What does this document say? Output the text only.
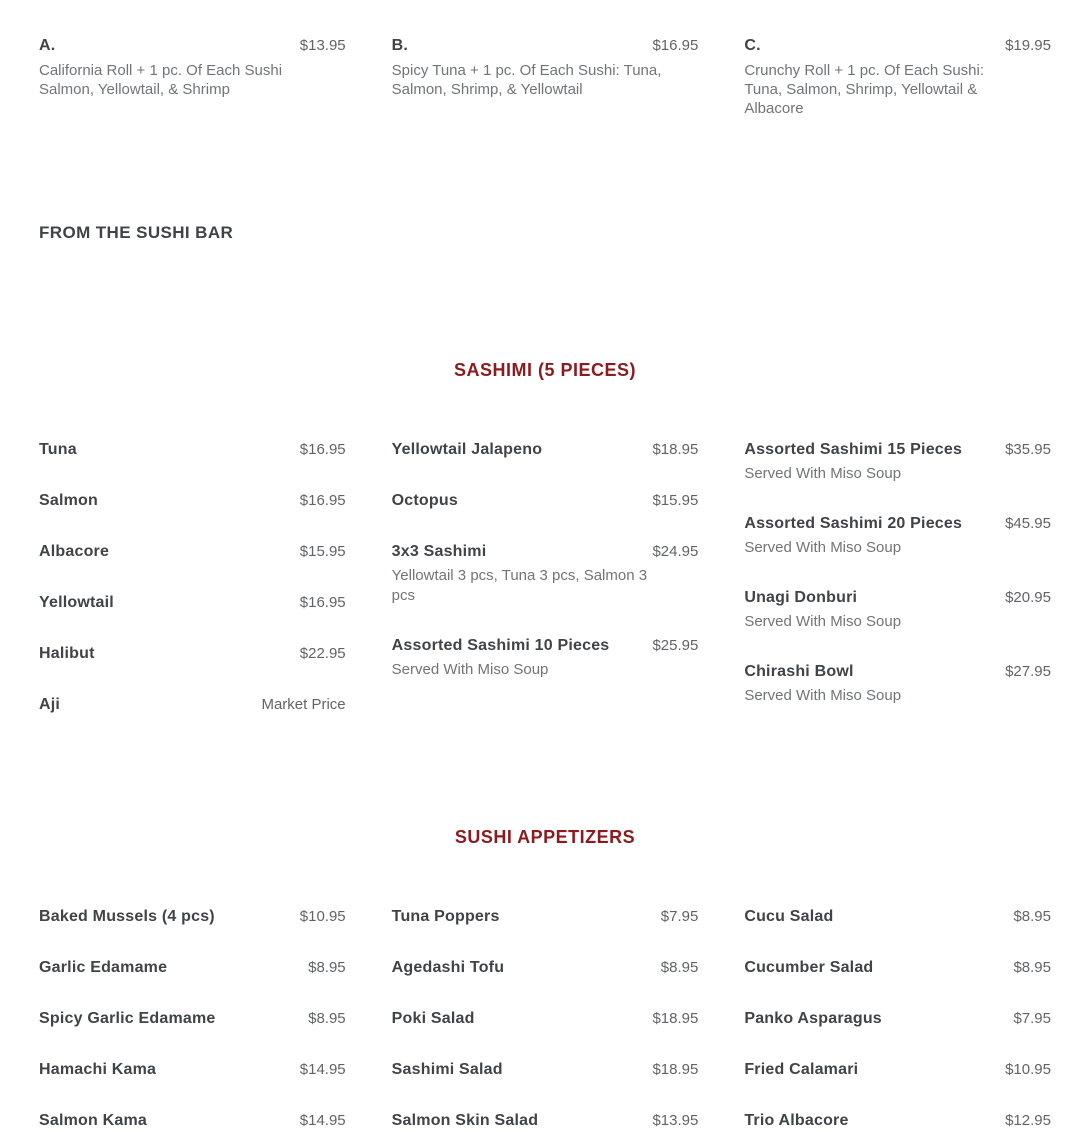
A.	$13.95
California Roll + 1 pc. Of Each Sushi Salmon, Yellowtail, & Shrimp
B.	$16.95
Spicy Tuna + 1 pc. Of Each Sushi: Tuna, Salmon, Shrimp, & Yellowtail
C.	$19.95
Crunchy Roll + 1 pc. Of Each Sushi: Tuna, Salmon, Shrimp, Yellowtail & Albacore
FROM THE SUSHI BAR
SASHIMI (5 PIECES)
Tuna	$16.95
Salmon	$16.95
Albacore	$15.95
Yellowtail	$16.95
Halibut	$22.95
Aji	Market Price
Yellowtail Jalapeno	$18.95
Octopus	$15.95
3x3 Sashimi	$24.95
Yellowtail 3 pcs, Tuna 3 pcs, Salmon 3 pcs
Assorted Sashimi 10 Pieces	$25.95
Served With Miso Soup
Assorted Sashimi 15 Pieces	$35.95
Served With Miso Soup
Assorted Sashimi 20 Pieces	$45.95
Served With Miso Soup
Unagi Donburi	$20.95
Served With Miso Soup
Chirashi Bowl	$27.95
Served With Miso Soup
SUSHI APPETIZERS
Baked Mussels (4 pcs)	$10.95
Garlic Edamame	$8.95
Spicy Garlic Edamame	$8.95
Hamachi Kama	$14.95
Salmon Kama	$14.95
Tuna Poppers	$7.95
Agedashi Tofu	$8.95
Poki Salad	$18.95
Sashimi Salad	$18.95
Salmon Skin Salad	$13.95
Cucu Salad	$8.95
Cucumber Salad	$8.95
Panko Asparagus	$7.95
Fried Calamari	$10.95
Trio Albacore	$12.95
